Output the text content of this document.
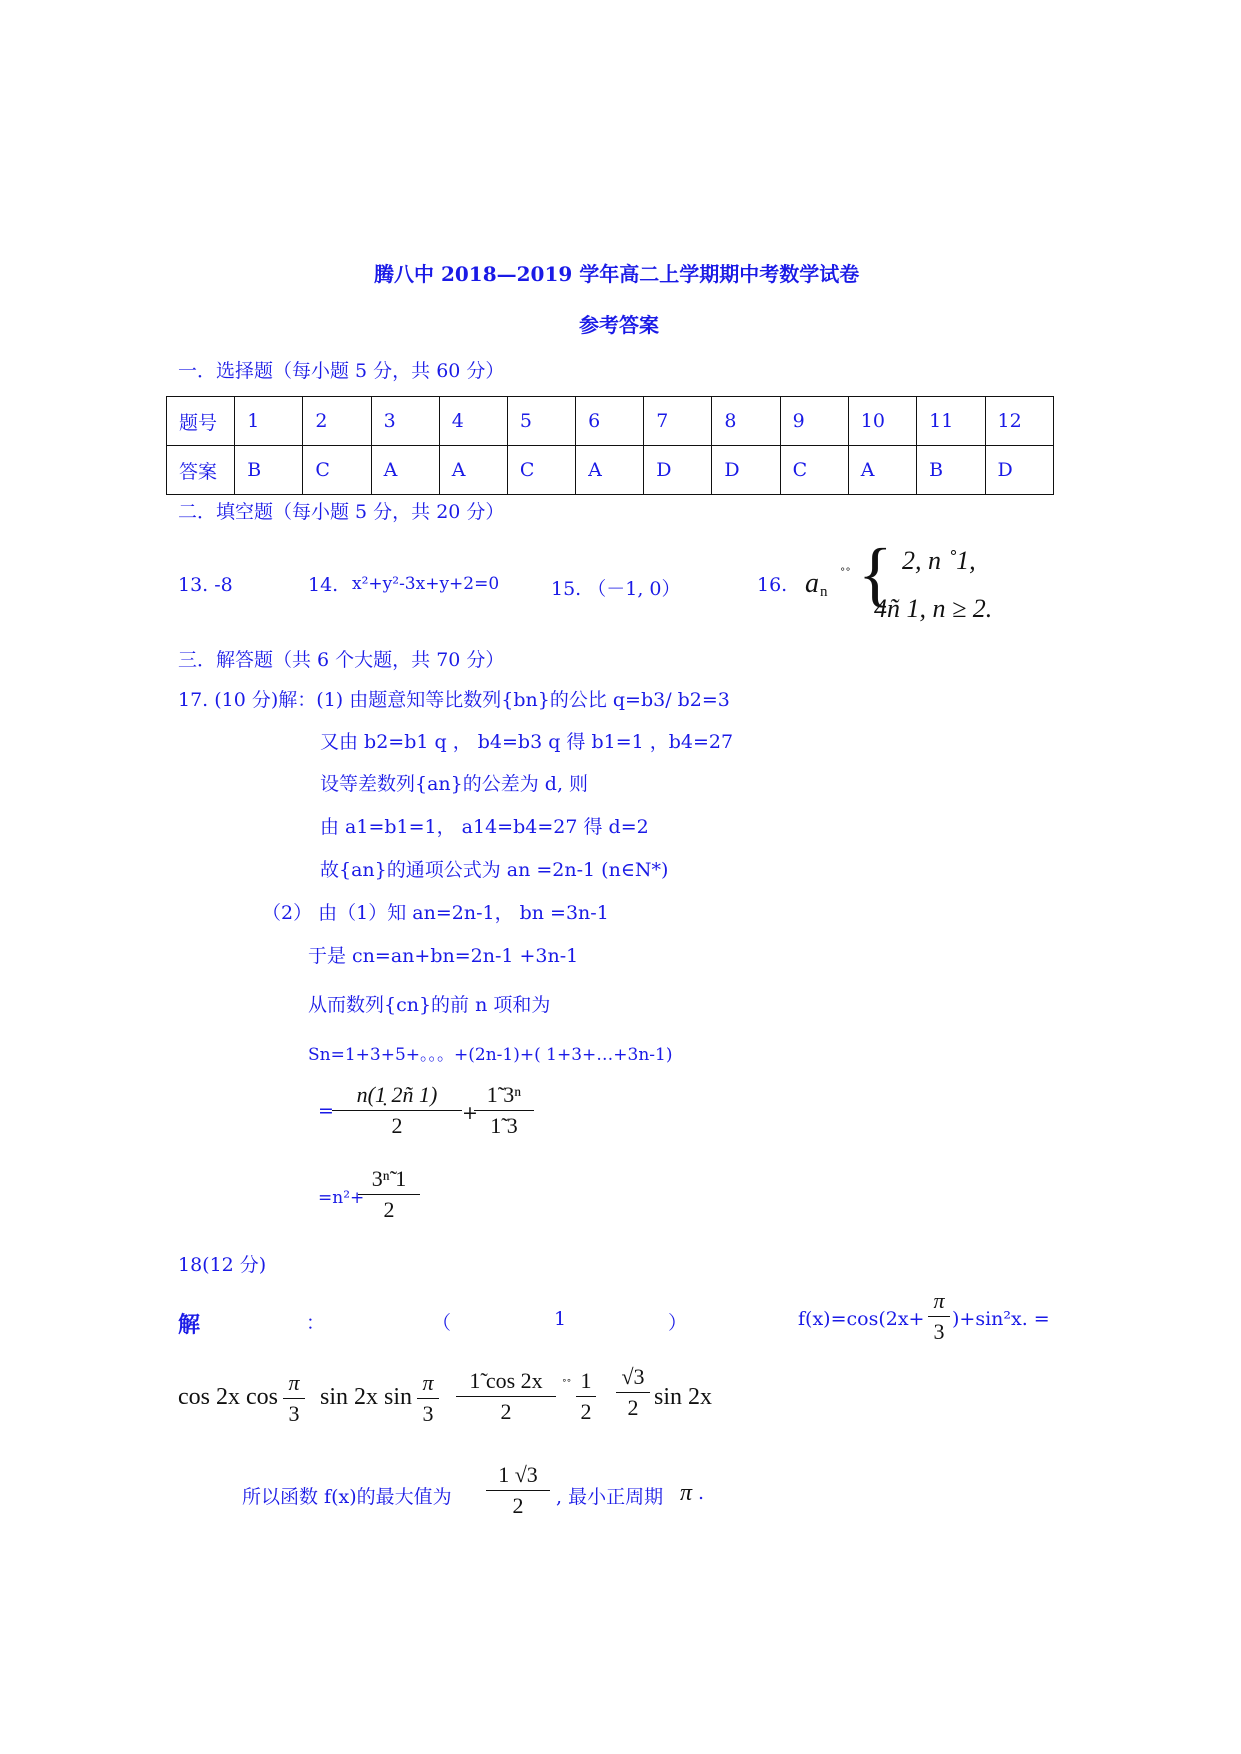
腾八中 2018—2019 学年高二上学期期中考数学试卷
参考答案
一．选择题（每小题 5 分，共 60 分）
题号	1	2	3	4	5	6	7	8	9	10	11	12
答案	B	C	A	A	C	A	D	D	C	A	B	D
二．填空题（每小题 5 分，共 20 分）
13. -8	14. x²+y²-3x+y+2=0	15. （－1, 0）	16. a n
˚˚ { 2, n ˚1,
4ñ 1, n ≥ 2.
三．解答题（共 6 个大题，共 70 分）
17. (10 分)解：(1) 由题意知等比数列{bn}的公比 q=b3/ b2=3
又由 b2=b1 q ， b4=b3 q 得 b1=1 ，b4=27
设等差数列{an}的公差为 d, 则
由 a1=b1=1， a14=b4=27 得 d=2
故{an}的通项公式为 an =2n-1 (n∈N*)
（2） 由（1）知 an=2n-1， bn =3n-1
于是 cn=an+bn=2n-1 +3n-1
从而数列{cn}的前 n 项和为
Sn=1+3+5+。。。+(2n-1)+( 1+3+…+3n-1)
=
n(1̣ 2ñ 1)
2	+
1̃ 3ⁿ
1̃ 3
=n²+
3ⁿ̃ 1
2
18(12 分)
解	：	（	1	）	f(x)=cos(2x+
π
3 )+sin²x. =
cos 2x cos
π
3
sin 2x sin
π
3
1̃ cos 2x
2
˚˚ 1
2
√3
2 sin 2x
所以函数 f(x)的最大值为
1 √3
2	, 最小正周期 π .
